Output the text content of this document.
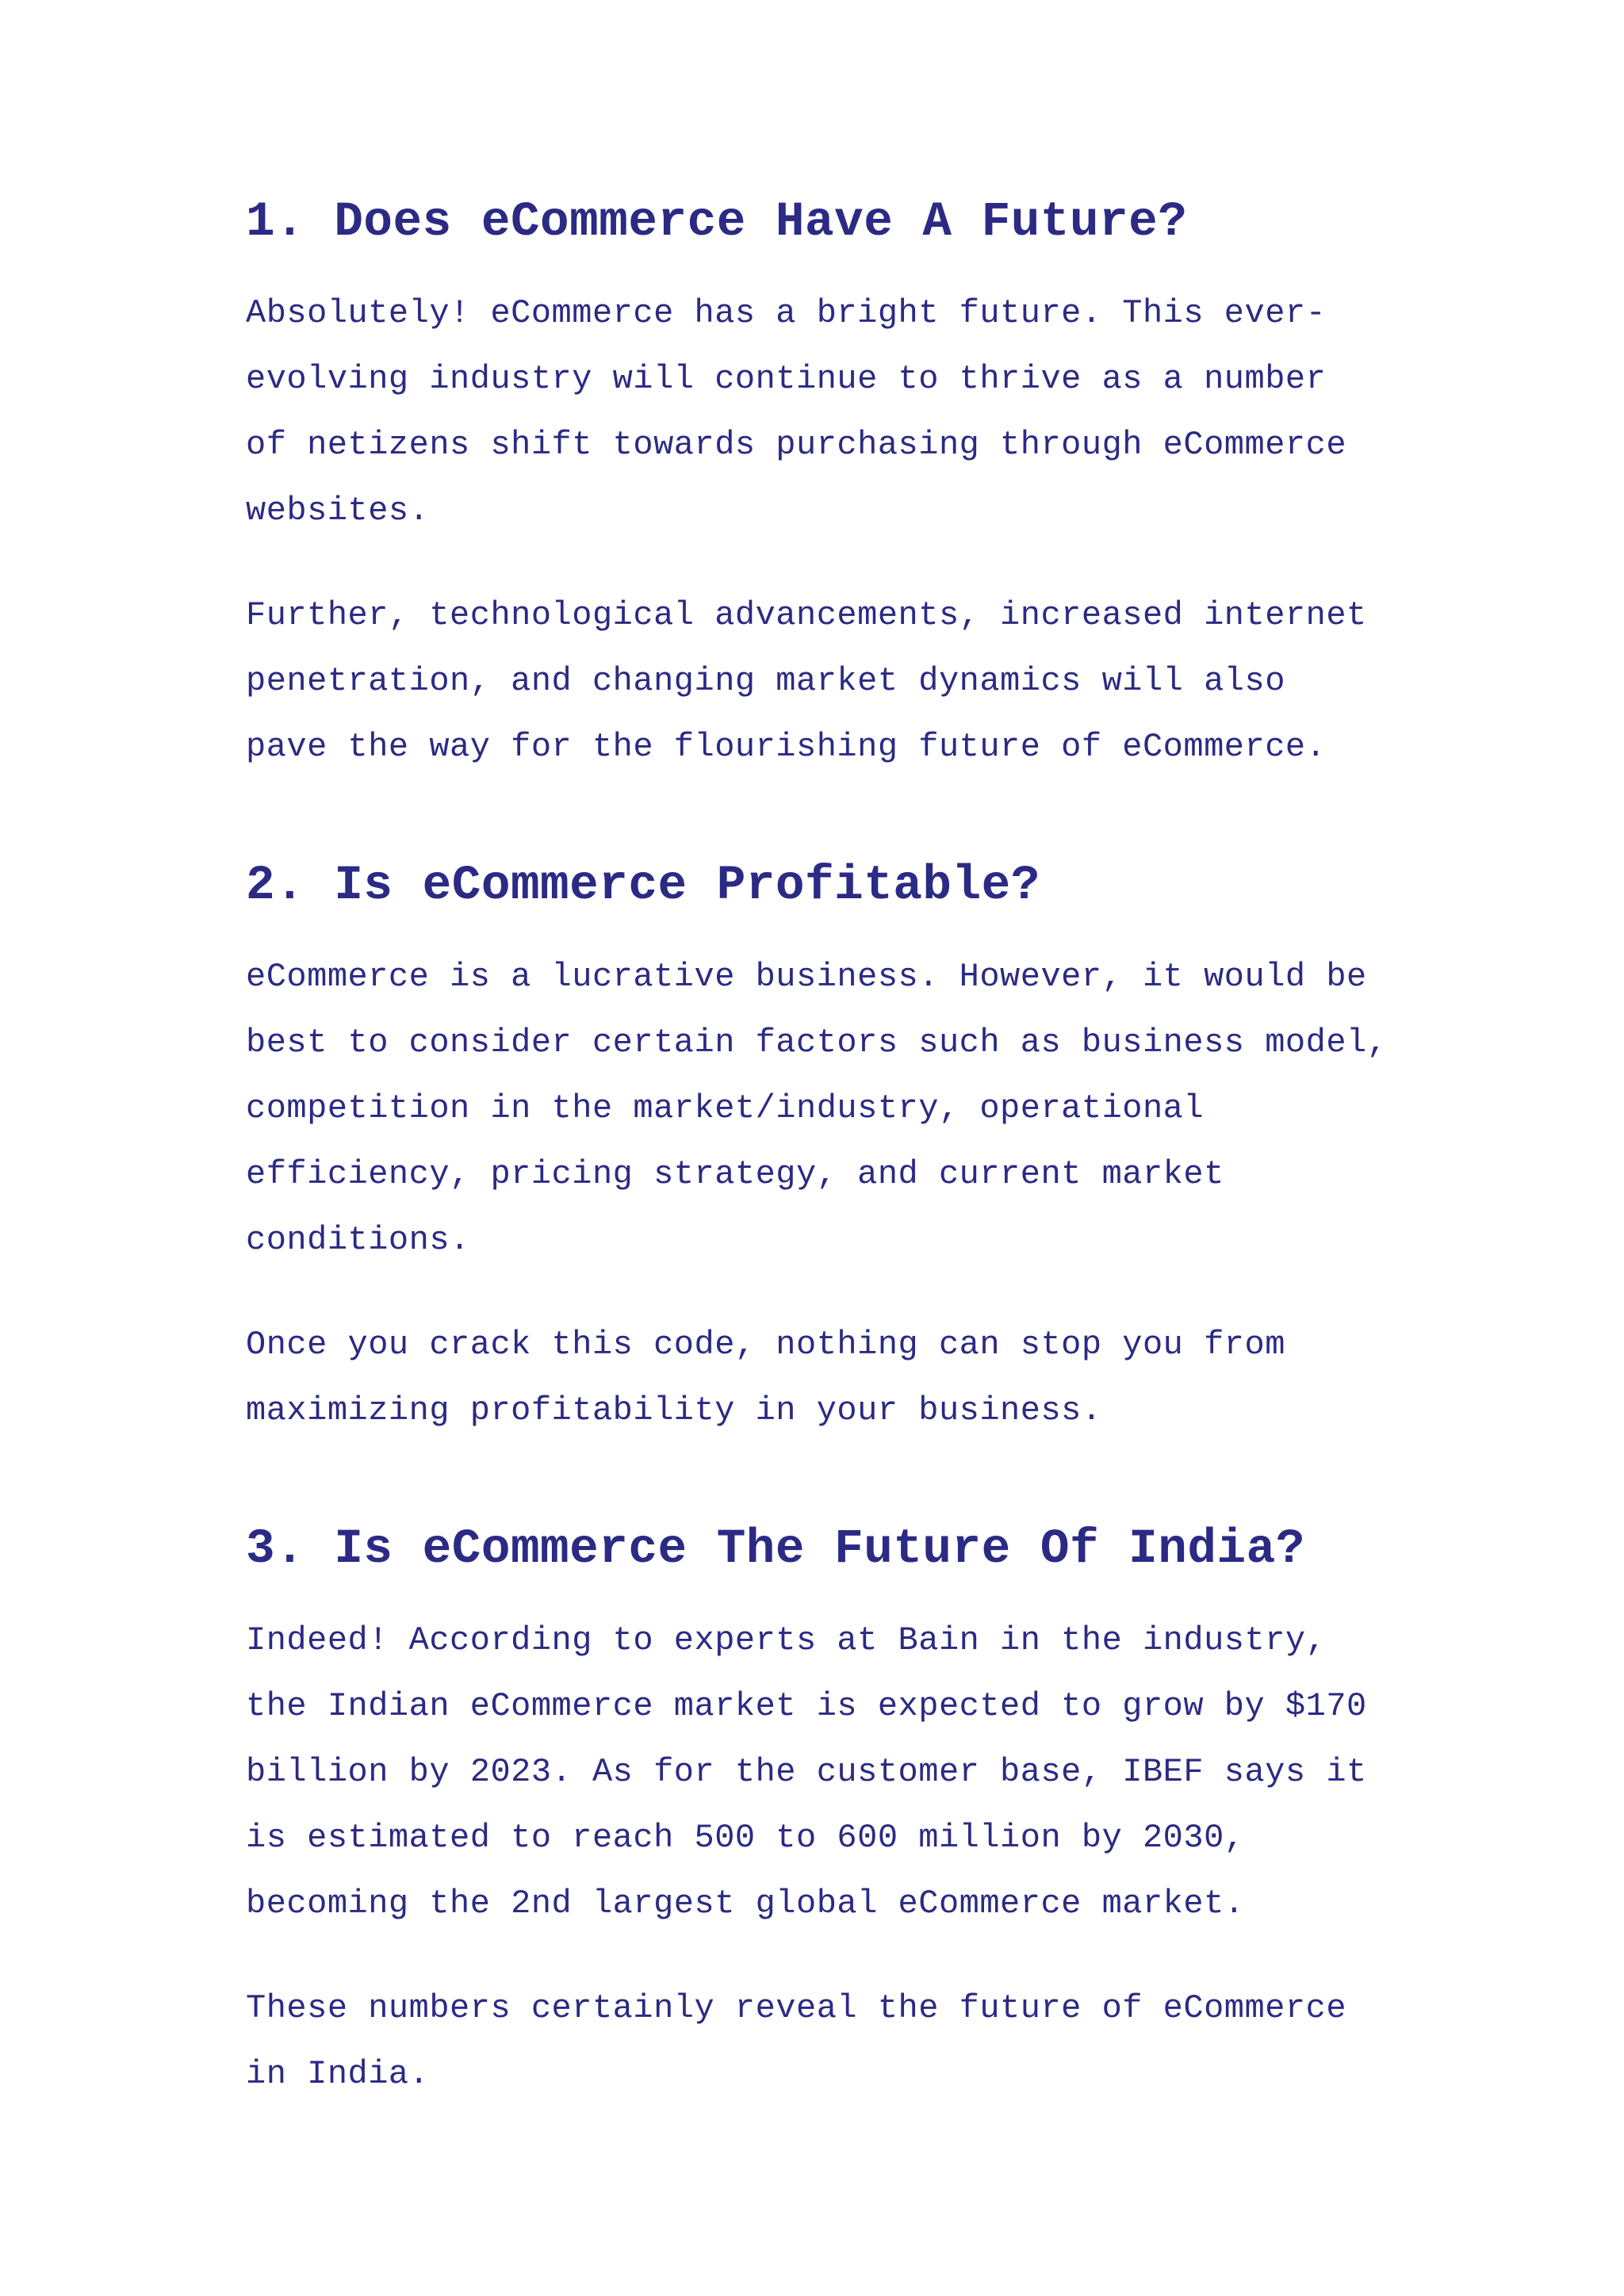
1. Does eCommerce Have A Future?

Absolutely! eCommerce has a bright future. This ever-
evolving industry will continue to thrive as a number
of netizens shift towards purchasing through eCommerce
websites.

Further, technological advancements, increased internet
penetration, and changing market dynamics will also
pave the way for the flourishing future of eCommerce.

2. Is eCommerce Profitable?

eCommerce is a lucrative business. However, it would be
best to consider certain factors such as business model,
competition in the market/industry, operational
efficiency, pricing strategy, and current market
conditions.

Once you crack this code, nothing can stop you from
maximizing profitability in your business.

3. Is eCommerce The Future Of India?

Indeed! According to experts at Bain in the industry,
the Indian eCommerce market is expected to grow by $170
billion by 2023. As for the customer base, IBEF says it
is estimated to reach 500 to 600 million by 2030,
becoming the 2nd largest global eCommerce market.

These numbers certainly reveal the future of eCommerce
in India.
